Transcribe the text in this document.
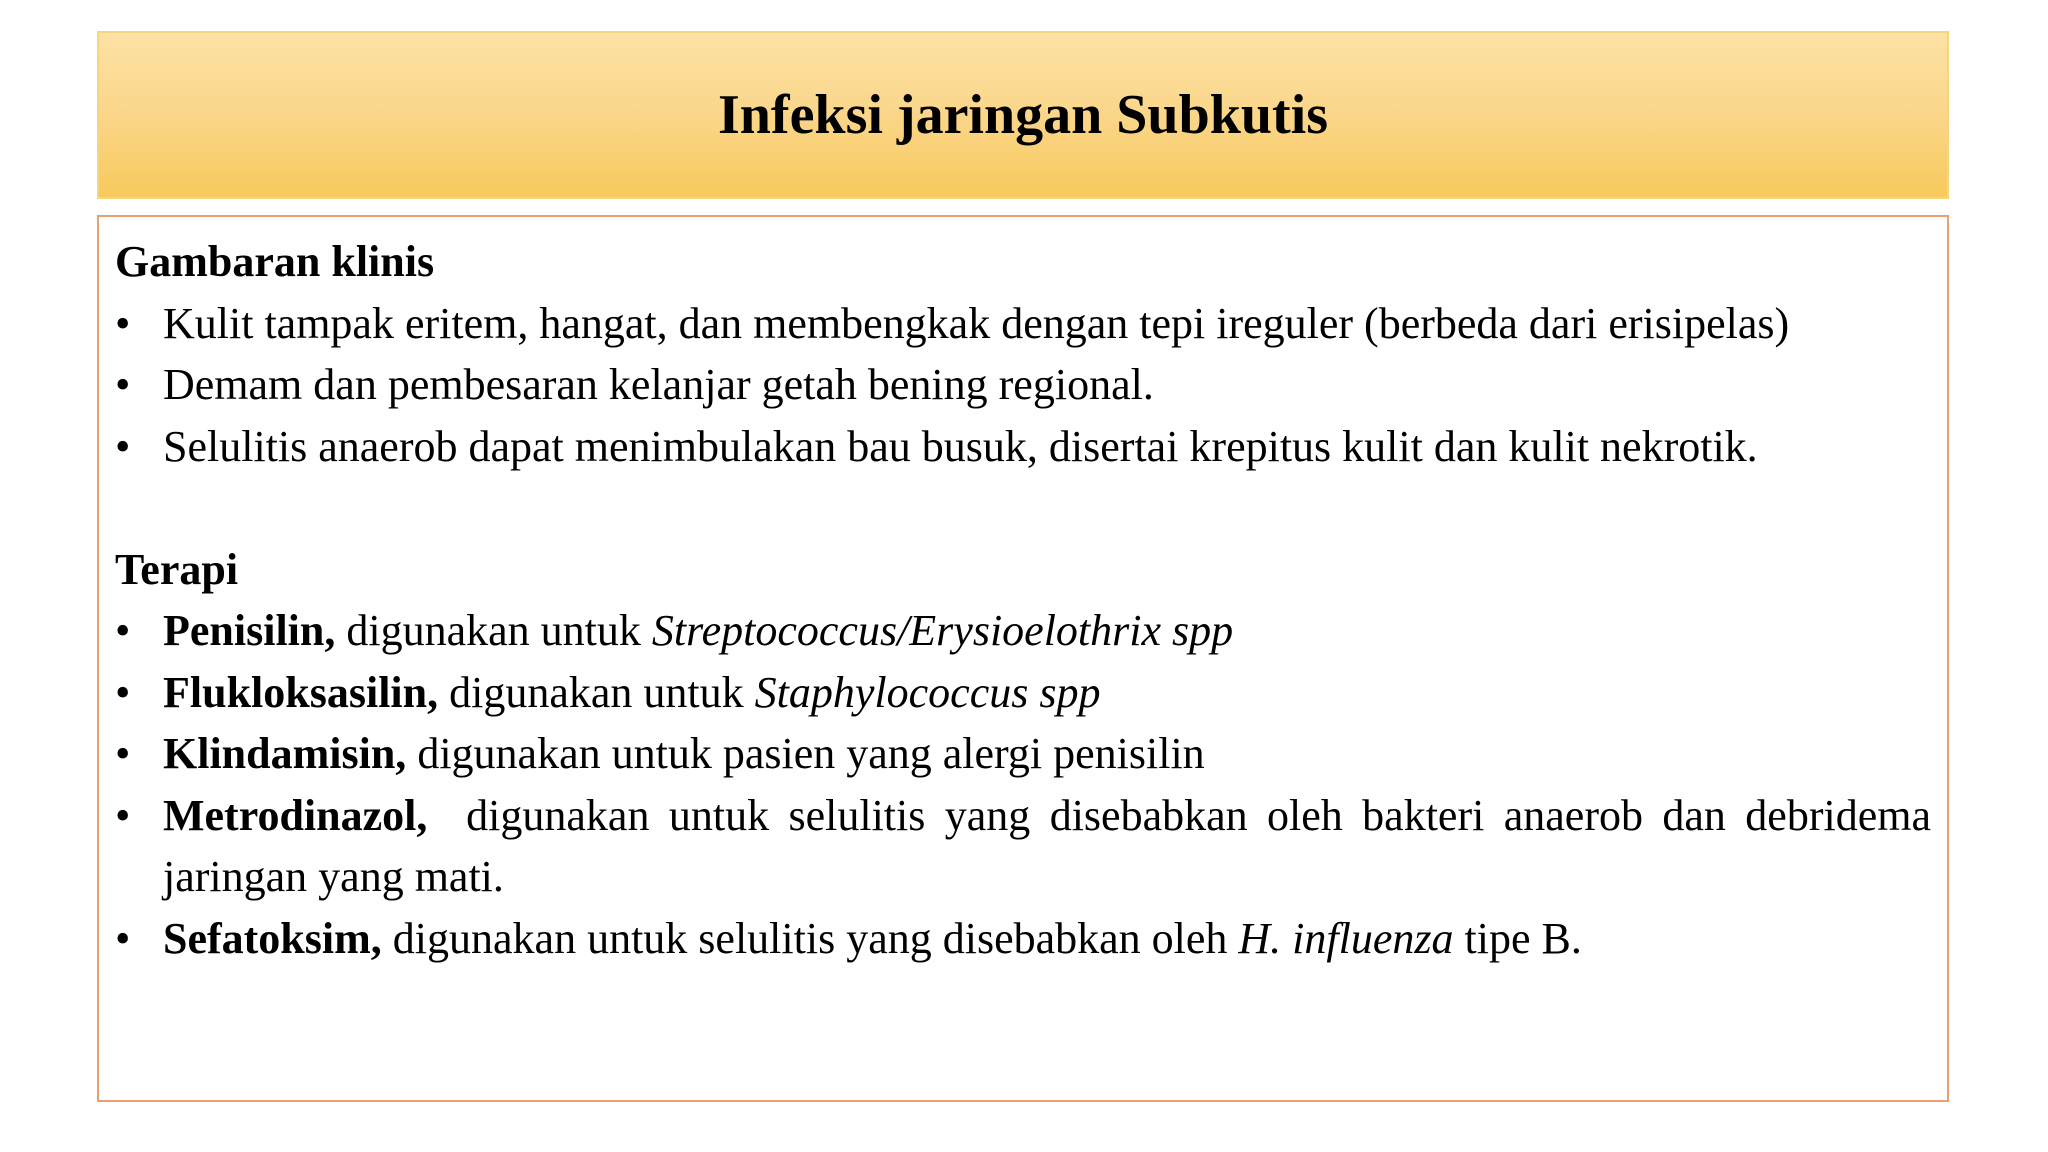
Infeksi jaringan Subkutis

Gambaran klinis

• Kulit tampak eritem, hangat, dan membengkak dengan tepi ireguler (berbeda dari erisipelas)
• Demam dan pembesaran kelanjar getah bening regional.
• Selulitis anaerob dapat menimbulakan bau busuk, disertai krepitus kulit dan kulit nekrotik.

Terapi

• Penisilin, digunakan untuk Streptococcus/Erysioelothrix spp
• Flukloksasilin, digunakan untuk Staphylococcus spp
• Klindamisin, digunakan untuk pasien yang alergi penisilin
• Metrodinazol,  digunakan untuk selulitis yang disebabkan oleh bakteri anaerob dan debridema jaringan yang mati.
• Sefatoksim, digunakan untuk selulitis yang disebabkan oleh H. influenza tipe B.
